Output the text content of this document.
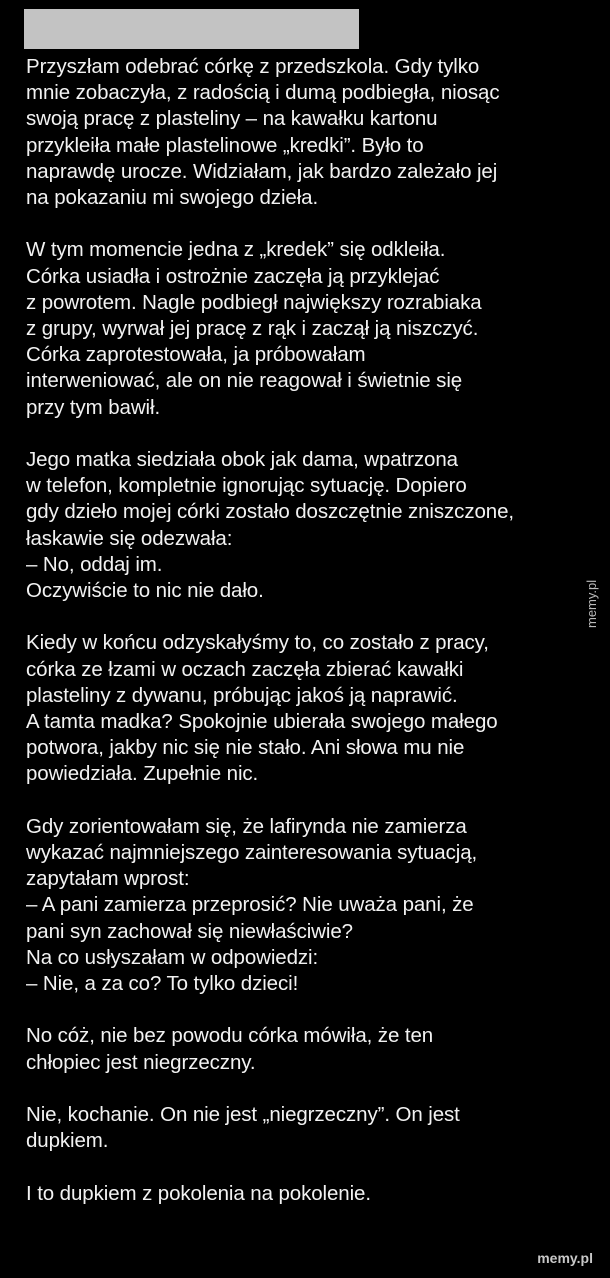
Przyszłam odebrać córkę z przedszkola. Gdy tylko
mnie zobaczyła, z radością i dumą podbiegła, niosąc
swoją pracę z plasteliny – na kawałku kartonu
przykleiła małe plastelinowe „kredki”. Było to
naprawdę urocze. Widziałam, jak bardzo zależało jej
na pokazaniu mi swojego dzieła.
W tym momencie jedna z „kredek” się odkleiła.
Córka usiadła i ostrożnie zaczęła ją przyklejać
z powrotem. Nagle podbiegł największy rozrabiaka
z grupy, wyrwał jej pracę z rąk i zaczął ją niszczyć.
Córka zaprotestowała, ja próbowałam
interweniować, ale on nie reagował i świetnie się
przy tym bawił.
Jego matka siedziała obok jak dama, wpatrzona
w telefon, kompletnie ignorując sytuację. Dopiero
gdy dzieło mojej córki zostało doszczętnie zniszczone,
łaskawie się odezwała:
– No, oddaj im.
Oczywiście to nic nie dało.
Kiedy w końcu odzyskałyśmy to, co zostało z pracy,
córka ze łzami w oczach zaczęła zbierać kawałki
plasteliny z dywanu, próbując jakoś ją naprawić.
A tamta madka? Spokojnie ubierała swojego małego
potwora, jakby nic się nie stało. Ani słowa mu nie
powiedziała. Zupełnie nic.
Gdy zorientowałam się, że lafirynda nie zamierza
wykazać najmniejszego zainteresowania sytuacją,
zapytałam wprost:
– A pani zamierza przeprosić? Nie uważa pani, że
pani syn zachował się niewłaściwie?
Na co usłyszałam w odpowiedzi:
– Nie, a za co? To tylko dzieci!
No cóż, nie bez powodu córka mówiła, że ten
chłopiec jest niegrzeczny.
Nie, kochanie. On nie jest „niegrzeczny”. On jest
dupkiem.
I to dupkiem z pokolenia na pokolenie.
memy.pl
memy.pl
